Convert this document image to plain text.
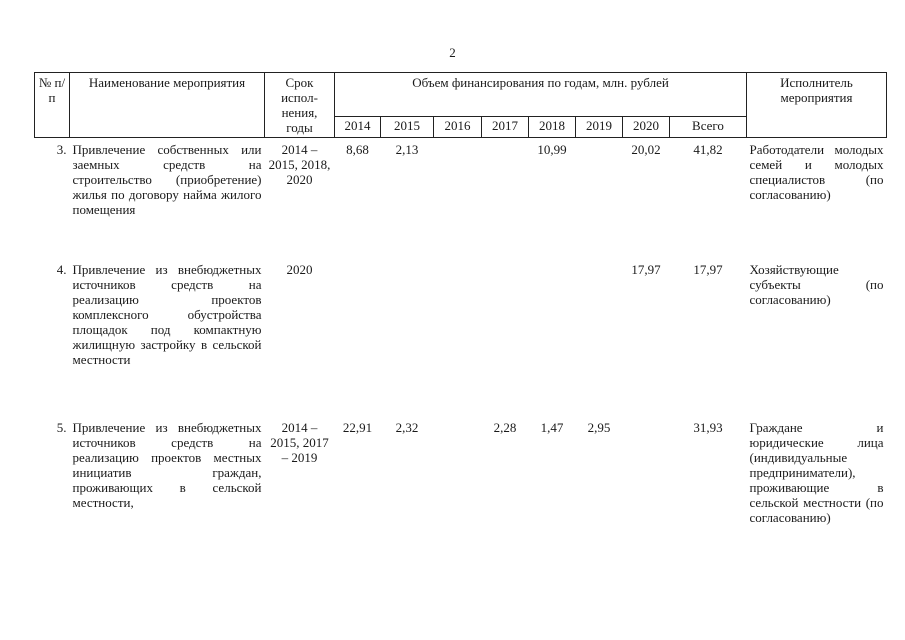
2
№ п/п	Наименование мероприятия	Срок испол-нения, годы	Объем финансирования по годам, млн. рублей								Исполнитель мероприятия
			2014	2015	2016	2017	2018	2019	2020	Всего	
3.	Привлечение собственных или заемных средств на строительство (приобретение) жилья по договору найма жилого помещения	2014 – 2015, 2018, 2020	8,68	2,13			10,99		20,02	41,82	Работодатели молодых семей и молодых специалистов (по согласованию)
4.	Привлечение из внебюджетных источников средств на реализацию проектов комплексного обустройства площадок под компактную жилищную застройку в сельской местности	2020							17,97	17,97	Хозяйствующие субъекты (по согласованию)
5.	Привлечение из внебюджетных источников средств на реализацию проектов местных инициатив граждан, проживающих в сельской местности,	2014 – 2015, 2017 – 2019	22,91	2,32		2,28	1,47	2,95		31,93	Граждане и юридические лица (индивидуальные предприниматели), проживающие в сельской местности (по согласованию)
